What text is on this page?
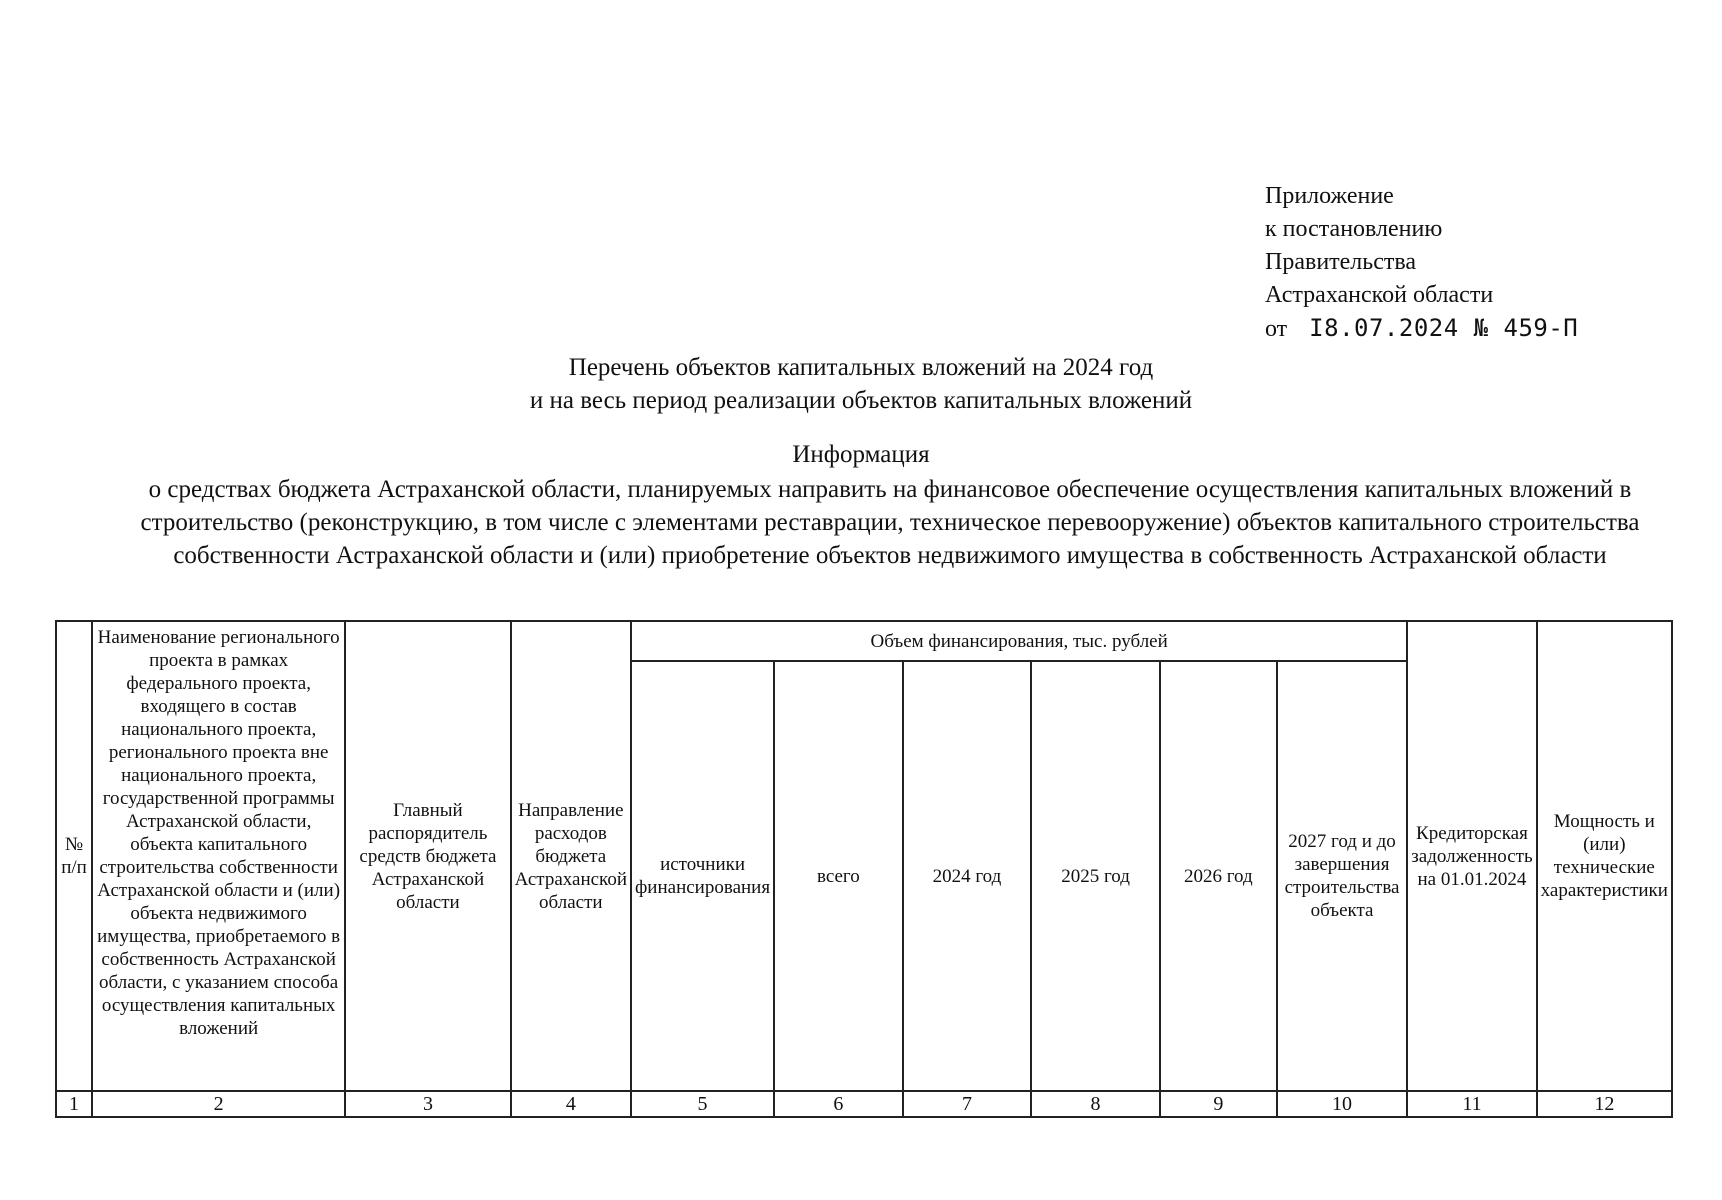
Приложение
к постановлению
Правительства
Астраханской области
от I8.07.2024 № 459-П
Перечень объектов капитальных вложений на 2024 год
и на весь период реализации объектов капитальных вложений
Информация
о средствах бюджета Астраханской области, планируемых направить на финансовое обеспечение осуществления капитальных вложений в строительство (реконструкцию, в том числе с элементами реставрации, техническое перевооружение) объектов капитального строительства собственности Астраханской области и (или) приобретение объектов недвижимого имущества в собственность Астраханской области
№ п/п	Наименование регионального проекта в рамках федерального проекта, входящего в состав национального проекта, регионального проекта вне национального проекта, государственной программы Астраханской области, объекта капитального строительства собственности Астраханской области и (или) объекта недвижимого имущества, приобретаемого в собственность Астраханской области, с указанием способа осуществления капитальных вложений	Главный распорядитель средств бюджета Астраханской области	Направление расходов бюджета Астраханской области	Объем финансирования, тыс. рублей						Кредиторская задолженность на 01.01.2024	Мощность и (или) технические характеристики
				источники финансирования	всего	2024 год	2025 год	2026 год	2027 год и до завершения строительства объекта		
1	2	3	4	5	6	7	8	9	10	11	12
